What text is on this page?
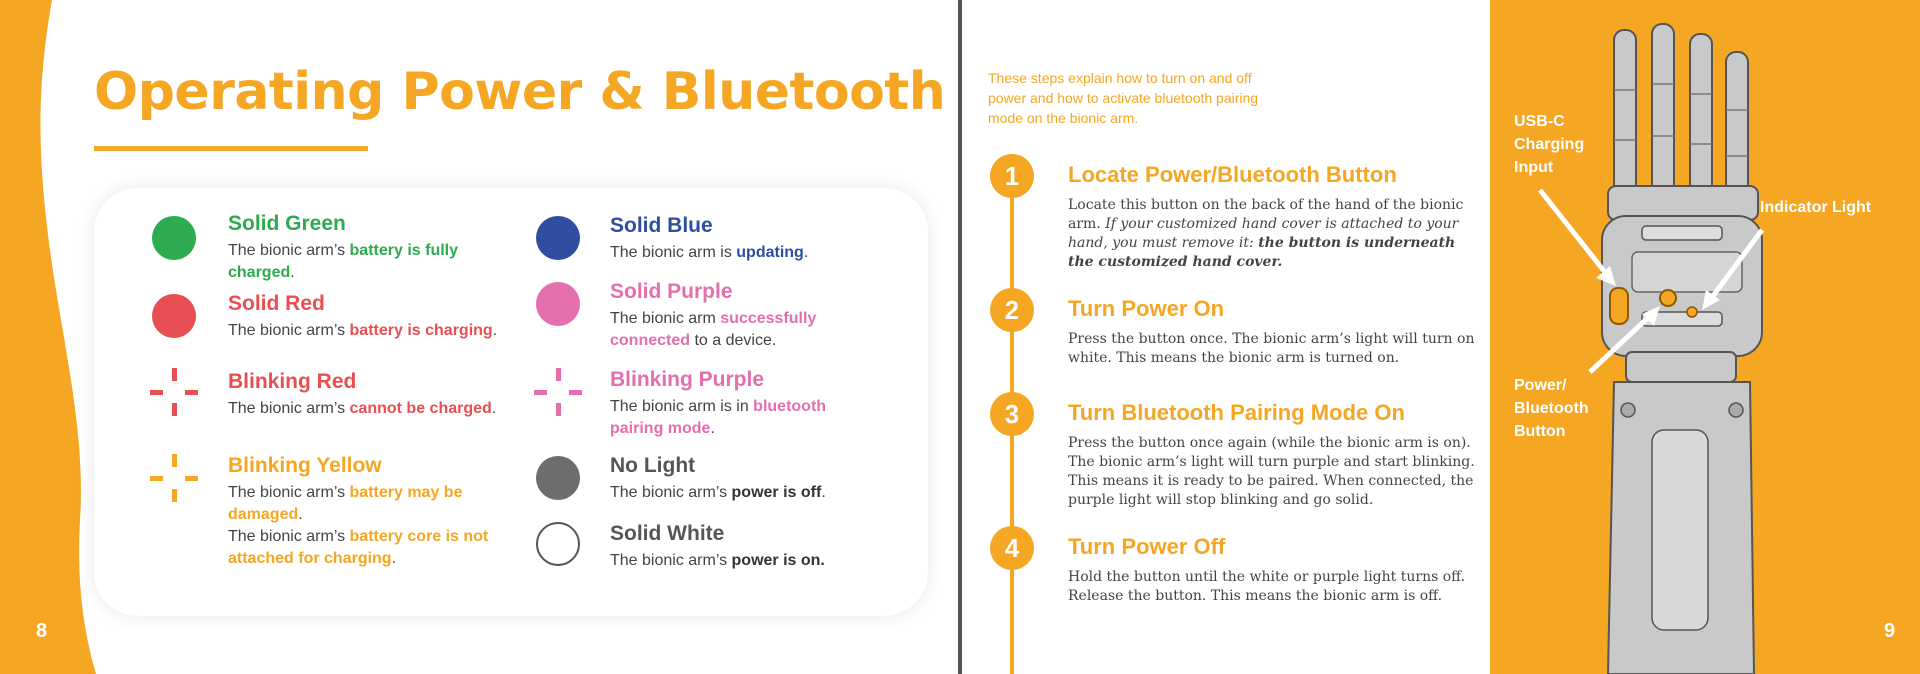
Operating Power & Bluetooth
Solid Green
The bionic arm’s battery is fully charged.
Solid Red
The bionic arm’s battery is charging.
Blinking Red
The bionic arm’s cannot be charged.
Blinking Yellow
The bionic arm’s battery may be damaged.
The bionic arm’s battery core is not attached for charging.
Solid Blue
The bionic arm is updating.
Solid Purple
The bionic arm successfully connected to a device.
Blinking Purple
The bionic arm is in bluetooth pairing mode.
No Light
The bionic arm’s power is off.
Solid White
The bionic arm’s power is on.
8
These steps explain how to turn on and off power and how to activate bluetooth pairing mode on the bionic arm.
1	Locate Power/Bluetooth Button
Locate this button on the back of the hand of the bionic arm. If your customized hand cover is attached to your hand, you must remove it: the button is underneath the customized hand cover.
2	Turn Power On
Press the button once. The bionic arm’s light will turn on white. This means the bionic arm is turned on.
3	Turn Bluetooth Pairing Mode On
Press the button once again (while the bionic arm is on). The bionic arm’s light will turn purple and start blinking. This means it is ready to be paired. When connected, the purple light will stop blinking and go solid.
4	Turn Power Off
Hold the button until the white or purple light turns off. Release the button. This means the bionic arm is off.
USB-C Charging Input
Indicator Light
Power/ Bluetooth Button
9
